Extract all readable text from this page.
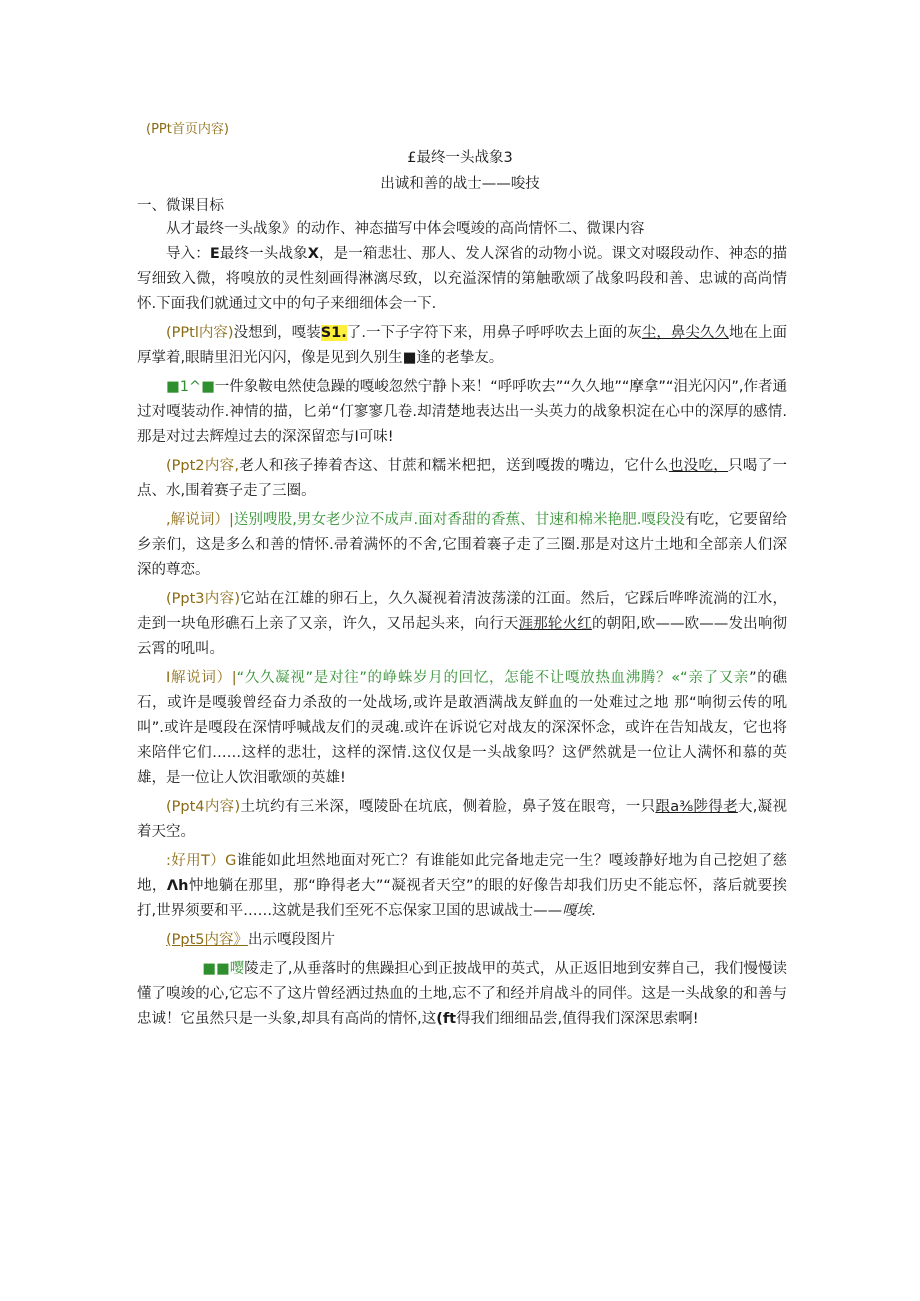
(PPt首页内容)
£最终一头战象3
出诚和善的战士——唆技
一、微课目标

从才最终一头战象》的动作、神态描写中体会嘎竣的高尚情怀二、微课内容

导入：E最终一头战象X，是一箱悲壮、那人、发人深省的动物小说。课文对啜段动作、神态的描写细致入微，将嗅放的灵性刻画得淋漓尽致，以充溢深情的第触歌颂了战象吗段和善、忠诚的高尚情怀.下面我们就通过文中的句子来细细体会一下.

(PPtl内容)没想到，嘎装S1.了.一下子字符下来，用鼻子呼呼吹去上面的灰尘，鼻尖久久地在上面厚掌着,眼睛里汨光闪闪，像是见到久别生■逢的老挚友。

■1^■一件象鞍电然使急躁的嘎峻忽然宁静卜来！“呼呼吹去”“久久地”“摩拿”“泪光闪闪”,作者通过对嘎装动作.神情的描，匕弟“仃寥寥几卷.却清楚地表达出一头英力的战象枳淀在心中的深厚的感情.那是对过去辉煌过去的深深留恋与I可味!

(Ppt2内容,老人和孩子捧着杏这、甘蔗和糯米杷把，送到嘎拨的嘴边，它什么也没吃，只喝了一点、水,围着赛子走了三圈。

,解说词）|送别嗖股,男女老少泣不成声.面对香甜的香蕉、甘速和棉米艳肥.嘎段没有吃，它要留给乡亲们，这是多么和善的情怀.帚着满怀的不舍,它围着褰子走了三圈.那是对这片土地和全部亲人们深深的尊恋。

(Ppt3内容)它站在江雄的卵石上，久久凝视着清波荡漾的江面。然后，它踩后哗哗流淌的江水，走到一块龟形礁石上亲了又亲，许久，又吊起头来，向行天涯那轮火红的朝阳,欧——欧——发出响彻云霄的吼叫。

I解说词）|“久久凝视”是对往”的峥蛛岁月的回忆，怎能不让嘎放热血沸腾？«“亲了又亲”的礁石，或许是嘎骏曾经奋力杀敌的一处战场,或许是敢酒满战友鲜血的一处难过之地 那“响彻云传的吼叫”.或许是嘎段在深情呼喊战友们的灵魂.或许在诉说它对战友的深深怀念，或许在告知战友，它也将来陪伴它们……这样的悲壮，这样的深情.这仪仅是一头战象吗？这俨然就是一位让人满怀和慕的英雄，是一位让人饮泪歌颂的英雄!

(Ppt4内容)土坑约有三米深，嘎陵卧在坑底，侧着脸，鼻子笈在眼弯，一只跟a⅜陟得老大,凝视着天空。

:好用T）G谁能如此坦然地面对死亡？有谁能如此完备地走完一生？嘎竣静好地为自己挖妲了慈地，Λh忡地躺在那里，那“睁得老大”“凝视者天空”的眼的好像告却我们历史不能忘怀，落后就要挨打,世界须要和平……这就是我们至死不忘保家卫国的思诚战士——嘎埃.

(Ppt5内容》出示嘎段图片

■■嘤陵走了,从垂落时的焦躁担心到正披战甲的英式，从正返旧地到安葬自己，我们慢慢读懂了嗅竣的心,它忘不了这片曾经洒过热血的土地,忘不了和经并肩战斗的同伴。这是一头战象的和善与忠诚！它虽然只是一头象,却具有高尚的情怀,这(ft得我们细细品尝,值得我们深深思索啊!
